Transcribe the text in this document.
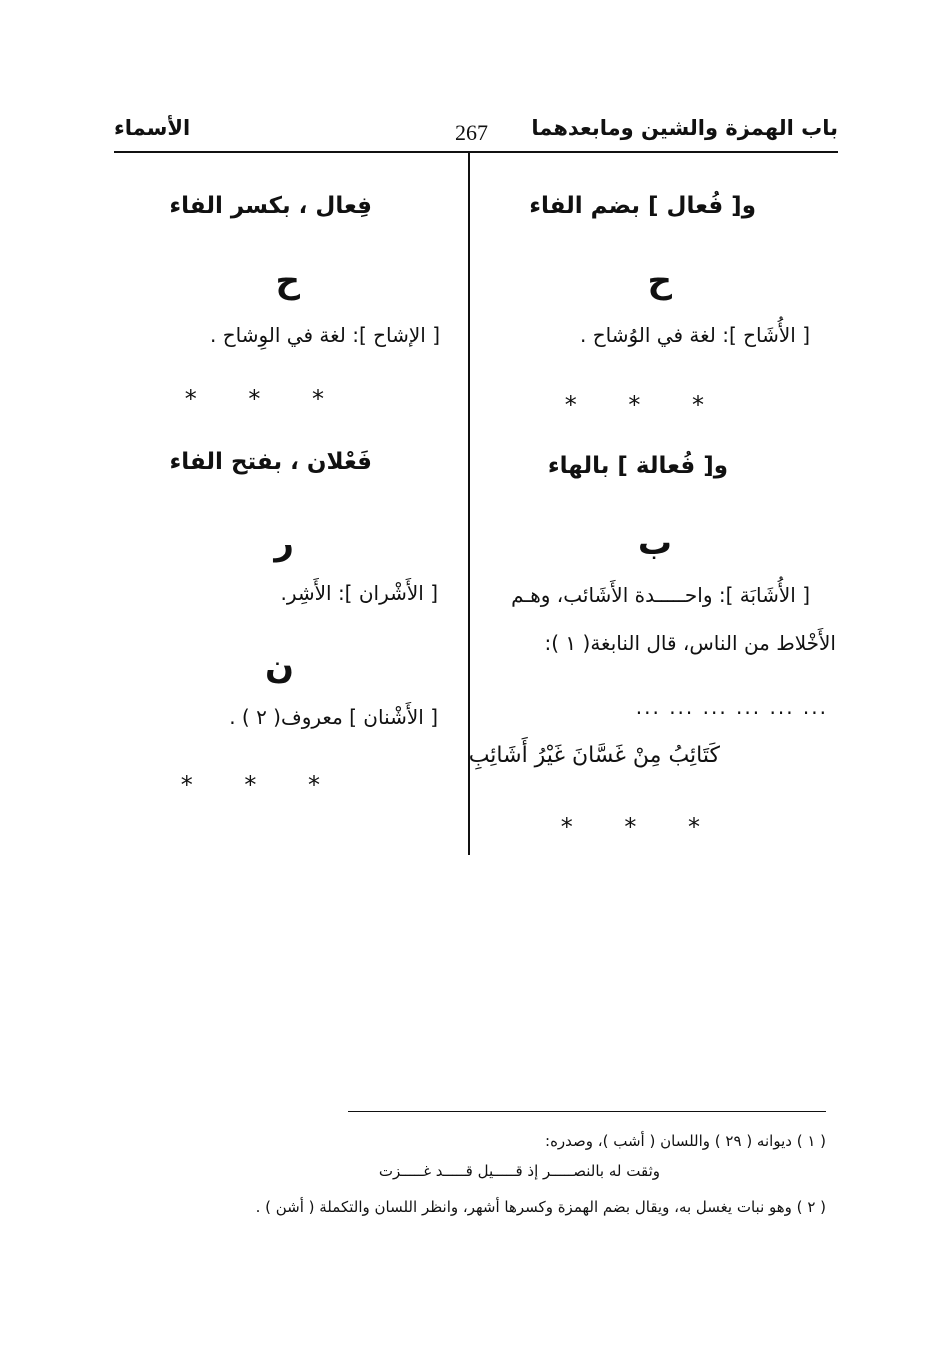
باب الهمزة والشين ومابعدهما
267
الأسماء
و[ فُعال ] بضم الفاء
ح
[ الأُشَاح ]: لغة في الوُشاح .
* * *
و[ فُعالة ] بالهاء
ب
[ الأُشَابَة ]: واحـــــدة الأَشَائب، وهـم
الأَخْلاط من الناس، قال النابغة( ١ ):
... ... ... ... ... ...
كَتَائِبُ مِنْ غَسَّانَ غَيْرُ أَشَائِبِ
* * *
فِعال ، بكسر الفاء
ح
[ الإشاح ]: لغة في الوِشاح .
* * *
فَعْلان ، بفتح الفاء
ر
[ الأَشْران ]: الأَشِر.
ن
[ الأَشْنان ] معروف( ٢ ) .
* * *
( ١ ) ديوانه ( ٢٩ ) واللسان ( أشب )، وصدره:
وثقت له بالنصـــــر إذ قـــــيل قـــــد غـــــزت
( ٢ ) وهو نبات يغسل به، ويقال بضم الهمزة وكسرها أشهر، وانظر اللسان والتكملة ( أشن ) .
